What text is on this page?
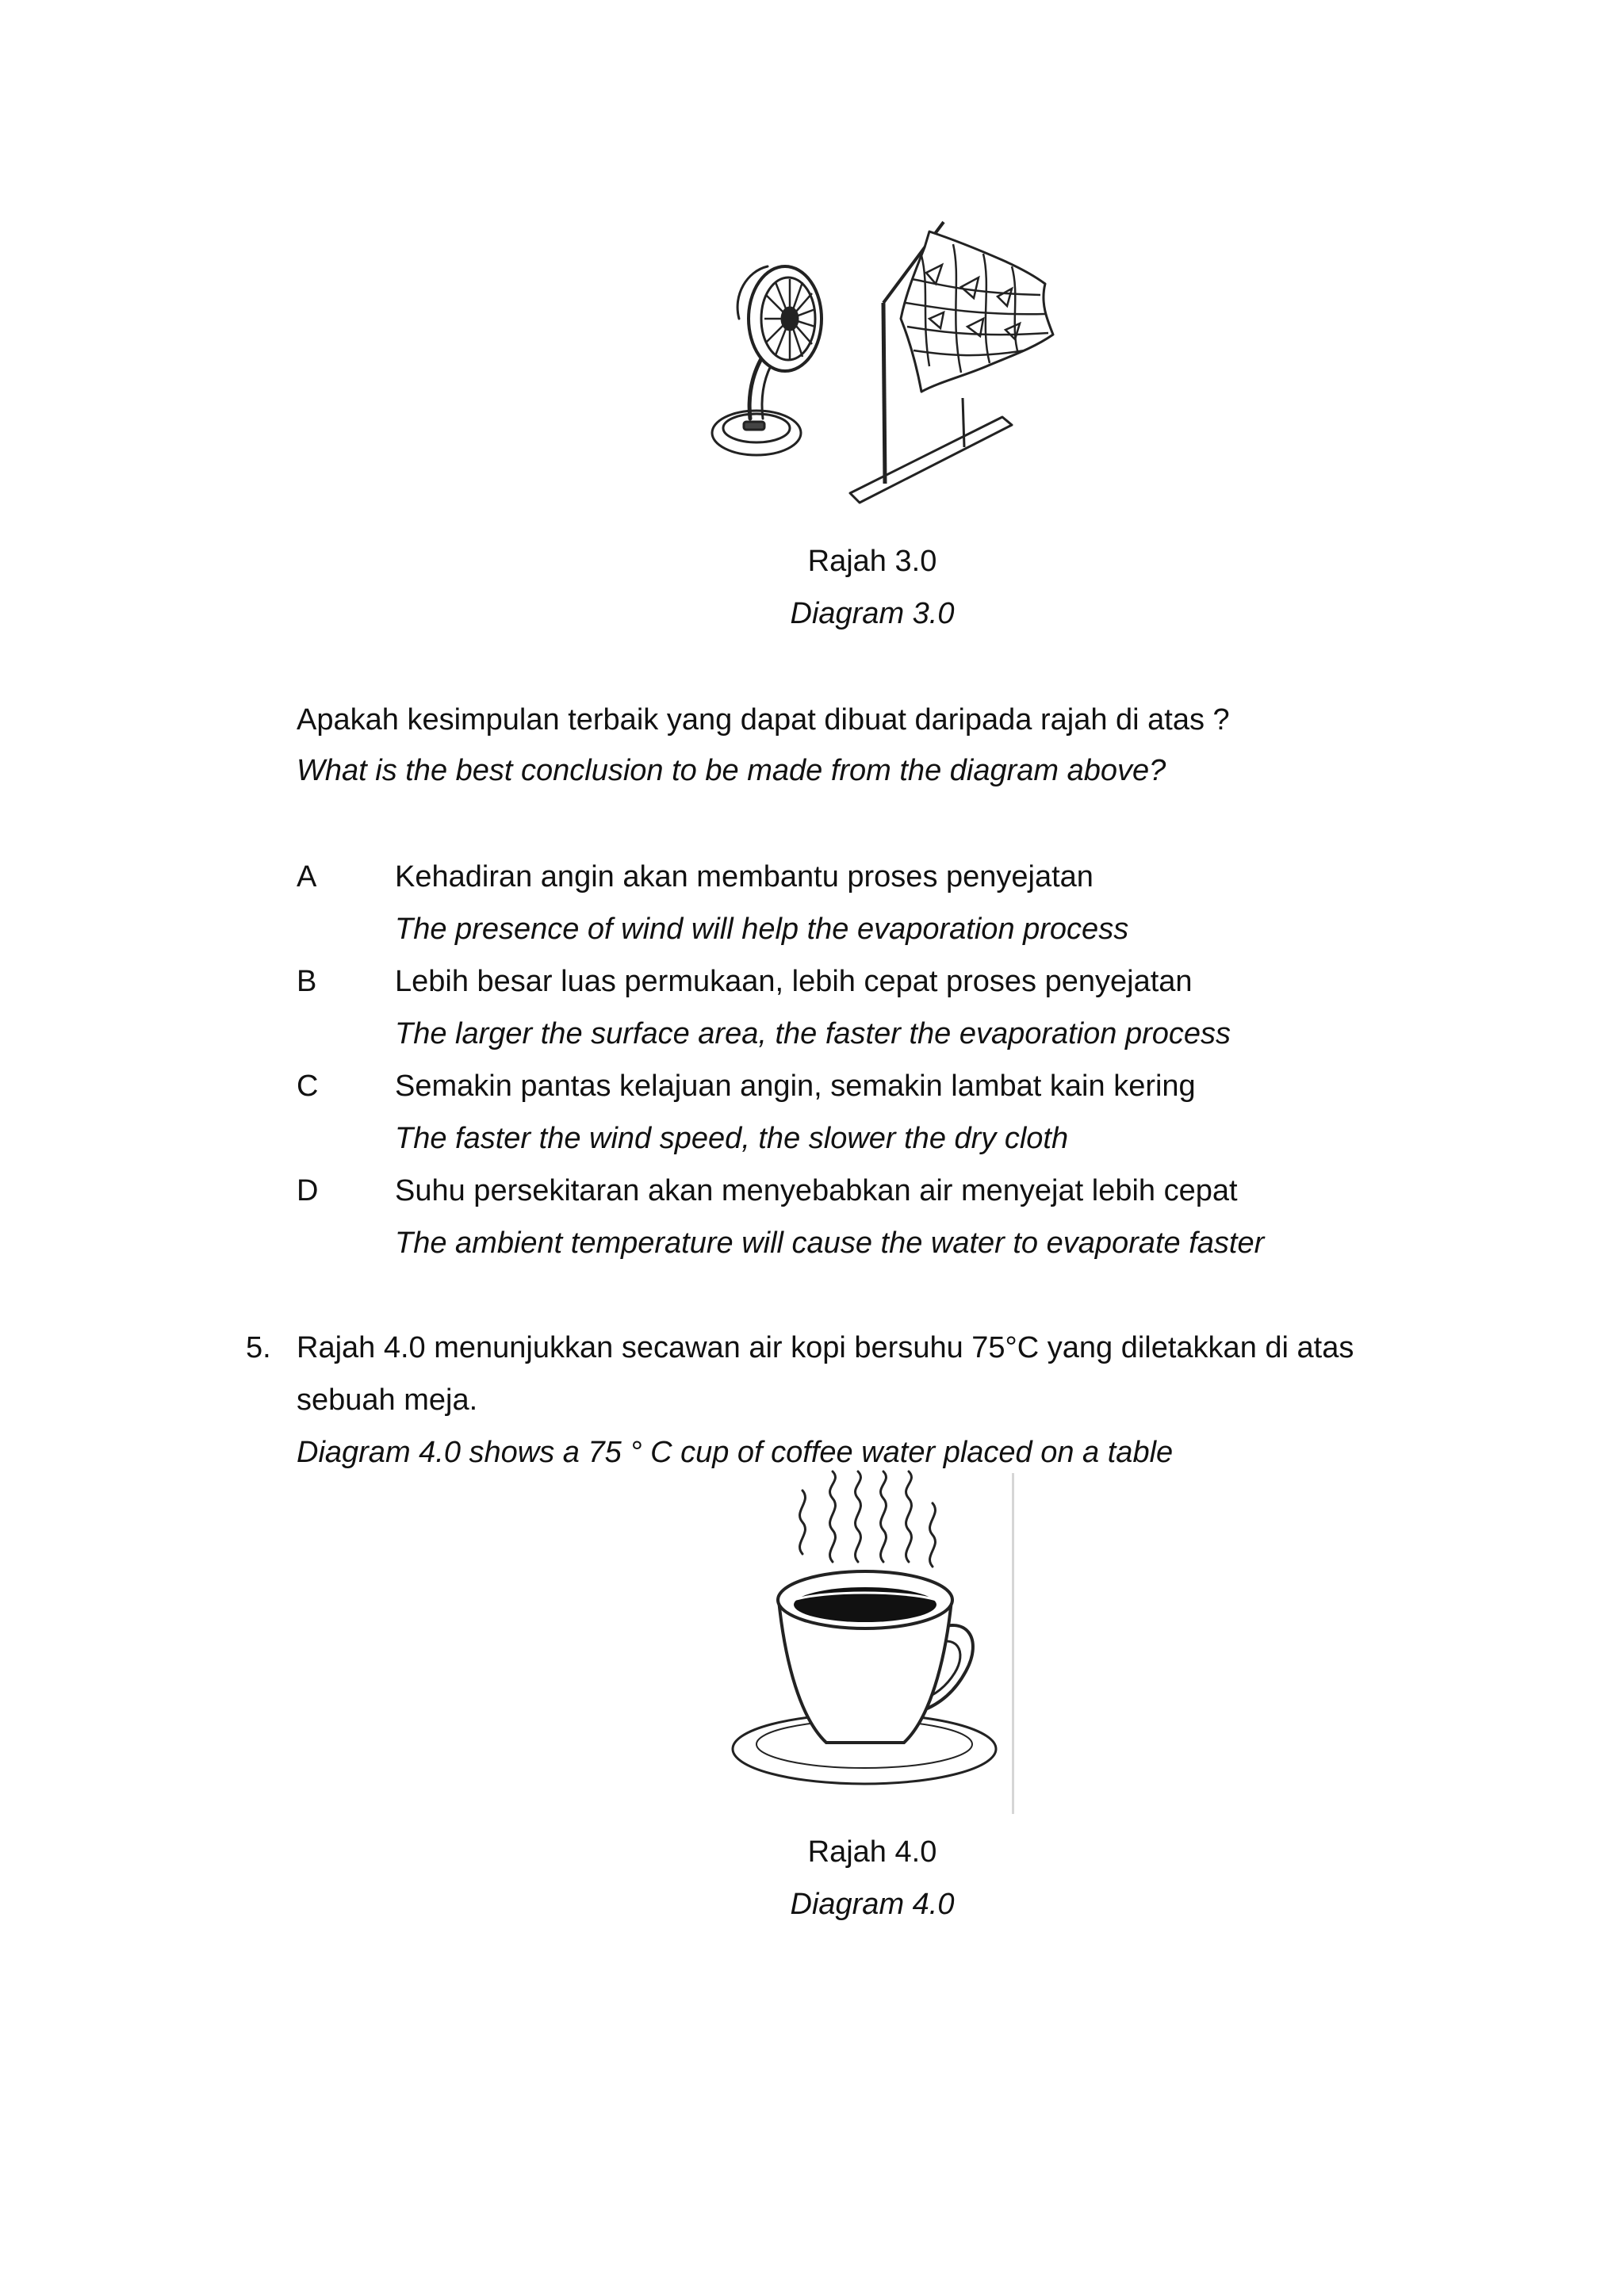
Rajah 3.0
Diagram 3.0
Apakah kesimpulan terbaik yang dapat dibuat daripada rajah di atas ?
What is the best conclusion to be made from the diagram above?
A	Kehadiran angin akan membantu proses penyejatan
The presence of wind will help the evaporation process
B	Lebih besar luas permukaan, lebih cepat proses penyejatan
The larger the surface area, the faster the evaporation process
C	Semakin pantas kelajuan angin, semakin lambat kain kering
The faster the wind speed, the slower the dry cloth
D	Suhu persekitaran akan menyebabkan air menyejat lebih cepat
The ambient temperature will cause the water to evaporate faster
5. Rajah 4.0 menunjukkan secawan air kopi bersuhu 75°C yang diletakkan di atas
sebuah meja.
Diagram 4.0 shows a 75 ° C cup of coffee water placed on a table
Rajah 4.0
Diagram 4.0
